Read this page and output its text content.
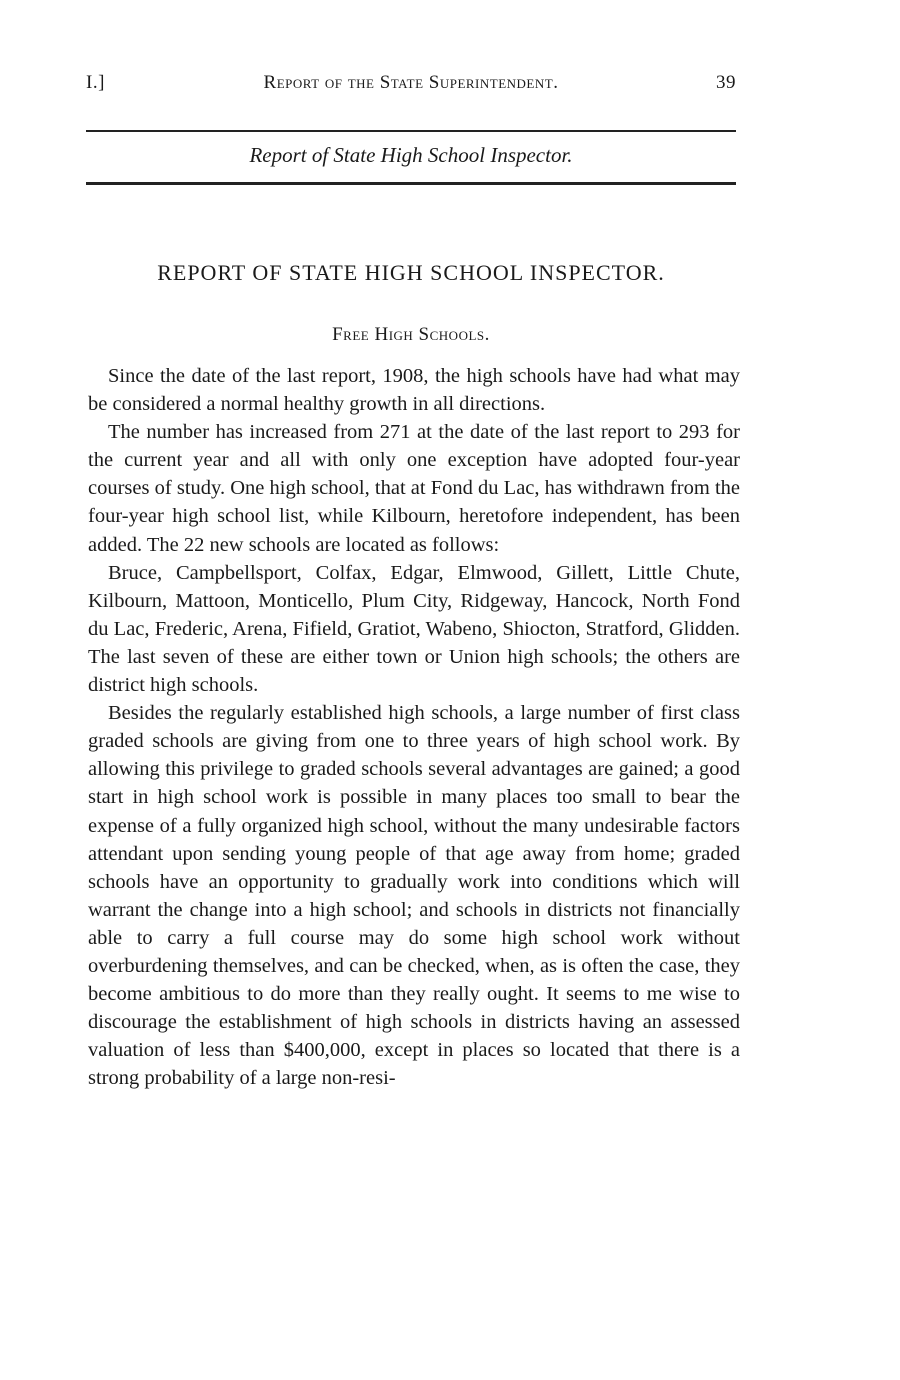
I.]	Report of the State Superintendent.	39
Report of State High School Inspector.
REPORT OF STATE HIGH SCHOOL INSPECTOR.
Free High Schools.

Since the date of the last report, 1908, the high schools have had what may be considered a normal healthy growth in all directions.

The number has increased from 271 at the date of the last report to 293 for the current year and all with only one exception have adopted four-year courses of study. One high school, that at Fond du Lac, has withdrawn from the four-year high school list, while Kilbourn, heretofore independent, has been added. The 22 new schools are located as follows:

Bruce, Campbellsport, Colfax, Edgar, Elmwood, Gillett, Little Chute, Kilbourn, Mattoon, Monticello, Plum City, Ridgeway, Hancock, North Fond du Lac, Frederic, Arena, Fifield, Gratiot, Wabeno, Shiocton, Stratford, Glidden. The last seven of these are either town or Union high schools; the others are district high schools.

Besides the regularly established high schools, a large number of first class graded schools are giving from one to three years of high school work. By allowing this privilege to graded schools several advantages are gained; a good start in high school work is possible in many places too small to bear the expense of a fully organized high school, without the many undesirable factors attendant upon sending young people of that age away from home; graded schools have an opportunity to gradually work into conditions which will warrant the change into a high school; and schools in districts not financially able to carry a full course may do some high school work without overburdening themselves, and can be checked, when, as is often the case, they become ambitious to do more than they really ought. It seems to me wise to discourage the establishment of high schools in districts having an assessed valuation of less than $400,000, except in places so located that there is a strong probability of a large non-resi-
